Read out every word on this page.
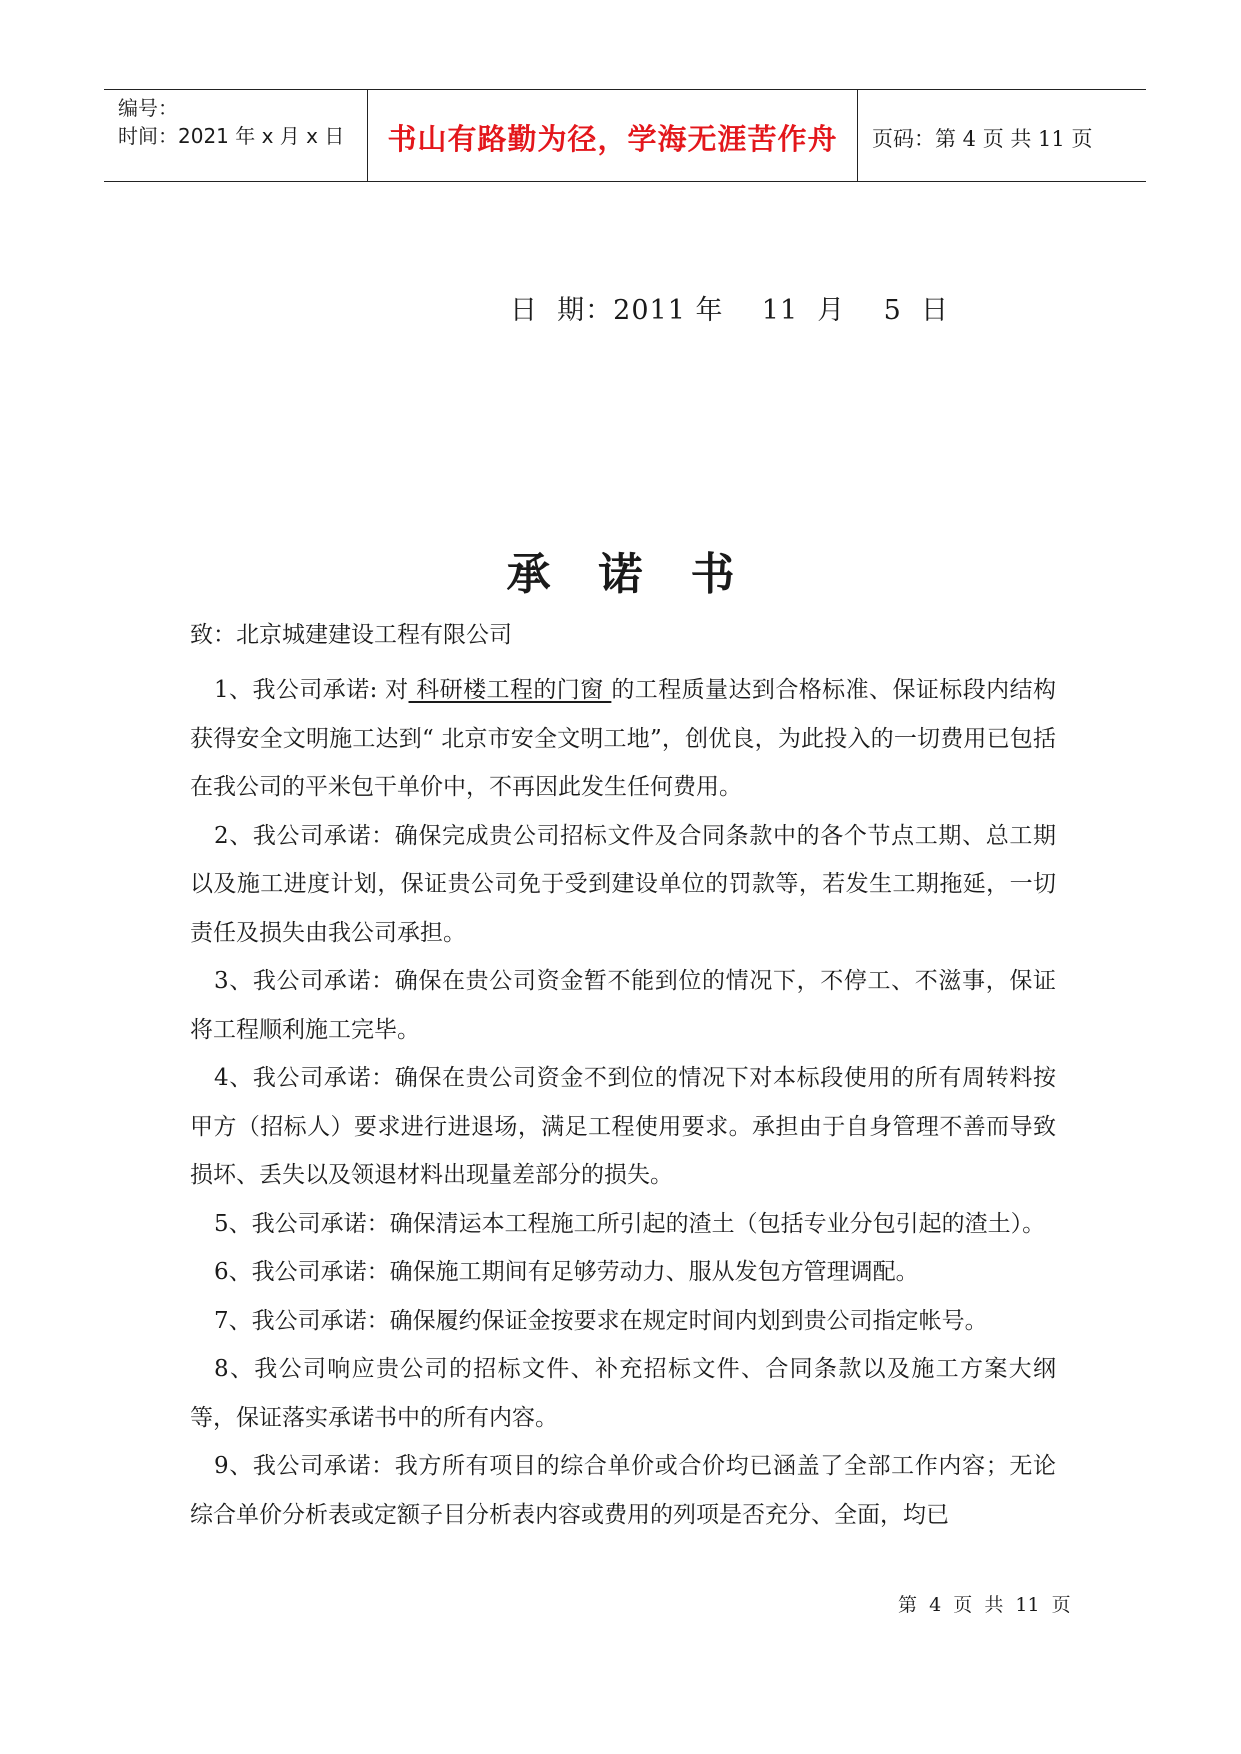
编号：
时间：2021 年 x 月 x 日	书山有路勤为径，学海无涯苦作舟	页码：第 4 页 共 11 页
日  期：2011 年    11  月    5  日
承诺书
致：北京城建建设工程有限公司

1、我公司承诺: 对 科研楼工程的门窗 的工程质量达到合格标准、保证标段内结构获得安全文明施工达到“ 北京市安全文明工地”，创优良，为此投入的一切费用已包括在我公司的平米包干单价中，不再因此发生任何费用。

2、我公司承诺：确保完成贵公司招标文件及合同条款中的各个节点工期、总工期以及施工进度计划，保证贵公司免于受到建设单位的罚款等，若发生工期拖延，一切责任及损失由我公司承担。

3、我公司承诺：确保在贵公司资金暂不能到位的情况下，不停工、不滋事，保证将工程顺利施工完毕。

4、我公司承诺：确保在贵公司资金不到位的情况下对本标段使用的所有周转料按甲方（招标人）要求进行进退场，满足工程使用要求。承担由于自身管理不善而导致损坏、丢失以及领退材料出现量差部分的损失。

5、我公司承诺：确保清运本工程施工所引起的渣土（包括专业分包引起的渣土）。

6、我公司承诺：确保施工期间有足够劳动力、服从发包方管理调配。

7、我公司承诺：确保履约保证金按要求在规定时间内划到贵公司指定帐号。

8、我公司响应贵公司的招标文件、补充招标文件、合同条款以及施工方案大纲等，保证落实承诺书中的所有内容。

9、我公司承诺：我方所有项目的综合单价或合价均已涵盖了全部工作内容；无论综合单价分析表或定额子目分析表内容或费用的列项是否充分、全面，均已

第  4  页  共  11  页
